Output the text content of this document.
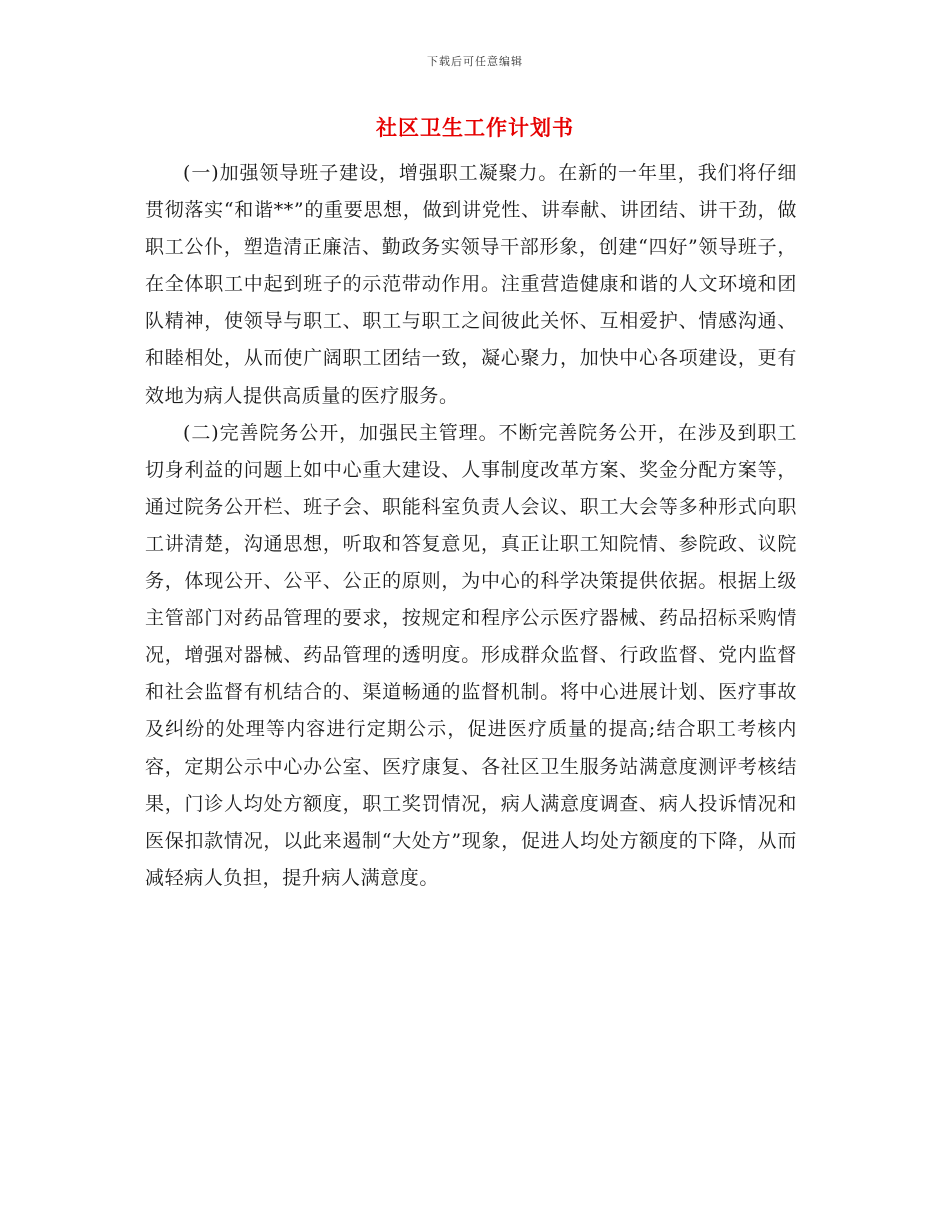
下载后可任意编辑
社区卫生工作计划书

(一)加强领导班子建设，增强职工凝聚力。在新的一年里，我们将仔细贯彻落实“和谐**”的重要思想，做到讲党性、讲奉献、讲团结、讲干劲，做职工公仆，塑造清正廉洁、勤政务实领导干部形象，创建“四好”领导班子，在全体职工中起到班子的示范带动作用。注重营造健康和谐的人文环境和团队精神，使领导与职工、职工与职工之间彼此关怀、互相爱护、情感沟通、和睦相处，从而使广阔职工团结一致，凝心聚力，加快中心各项建设，更有效地为病人提供高质量的医疗服务。

(二)完善院务公开，加强民主管理。不断完善院务公开，在涉及到职工切身利益的问题上如中心重大建设、人事制度改革方案、奖金分配方案等，通过院务公开栏、班子会、职能科室负责人会议、职工大会等多种形式向职工讲清楚，沟通思想，听取和答复意见，真正让职工知院情、参院政、议院务，体现公开、公平、公正的原则，为中心的科学决策提供依据。根据上级主管部门对药品管理的要求，按规定和程序公示医疗器械、药品招标采购情况，增强对器械、药品管理的透明度。形成群众监督、行政监督、党内监督和社会监督有机结合的、渠道畅通的监督机制。将中心进展计划、医疗事故及纠纷的处理等内容进行定期公示，促进医疗质量的提高;结合职工考核内容，定期公示中心办公室、医疗康复、各社区卫生服务站满意度测评考核结果，门诊人均处方额度，职工奖罚情况，病人满意度调查、病人投诉情况和医保扣款情况，以此来遏制“大处方”现象，促进人均处方额度的下降，从而减轻病人负担，提升病人满意度。
